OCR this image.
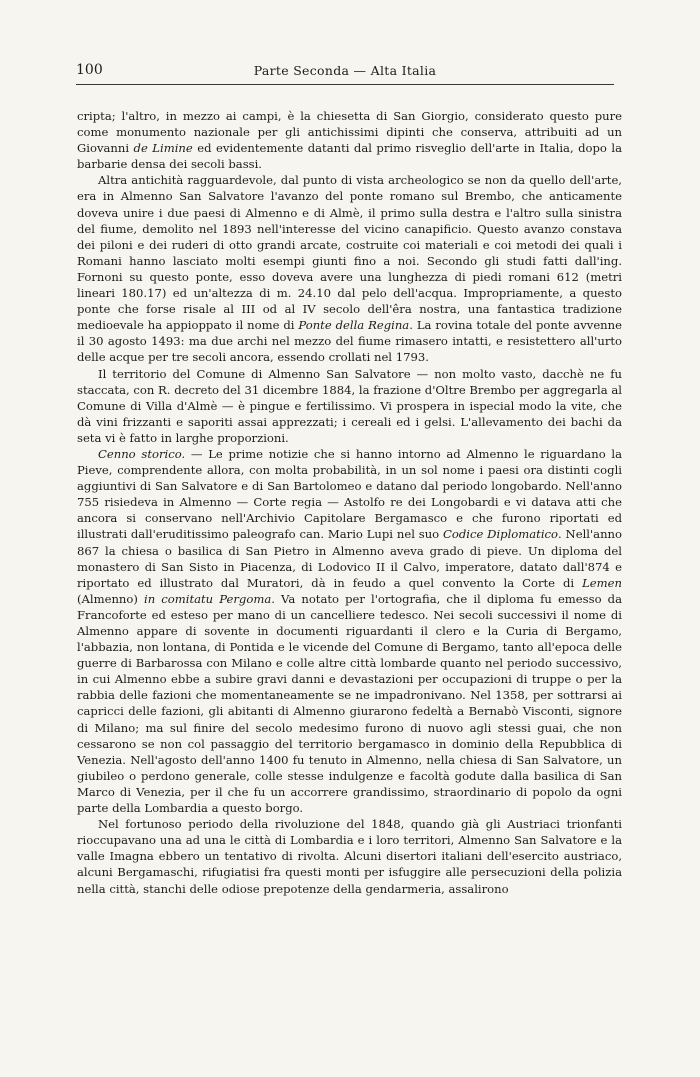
100	Parte Seconda — Alta Italia

cripta; l'altro, in mezzo ai campi, è la chiesetta di San Giorgio, considerato questo pure come monumento nazionale per gli antichissimi dipinti che conserva, attribuiti ad un Giovanni de Limine ed evidentemente datanti dal primo risveglio dell'arte in Italia, dopo la barbarie densa dei secoli bassi.

Altra antichità ragguardevole, dal punto di vista archeologico se non da quello dell'arte, era in Almenno San Salvatore l'avanzo del ponte romano sul Brembo, che anticamente doveva unire i due paesi di Almenno e di Almè, il primo sulla destra e l'altro sulla sinistra del fiume, demolito nel 1893 nell'interesse del vicino canapificio. Questo avanzo constava dei piloni e dei ruderi di otto grandi arcate, costruite coi materiali e coi metodi dei quali i Romani hanno lasciato molti esempi giunti fino a noi. Secondo gli studi fatti dall'ing. Fornoni su questo ponte, esso doveva avere una lunghezza di piedi romani 612 (metri lineari 180.17) ed un'altezza di m. 24.10 dal pelo dell'acqua. Impropriamente, a questo ponte che forse risale al III od al IV secolo dell'êra nostra, una fantastica tradizione medioevale ha appioppato il nome di Ponte della Regina. La rovina totale del ponte avvenne il 30 agosto 1493: ma due archi nel mezzo del fiume rimasero intatti, e resistettero all'urto delle acque per tre secoli ancora, essendo crollati nel 1793.

Il territorio del Comune di Almenno San Salvatore — non molto vasto, dacchè ne fu staccata, con R. decreto del 31 dicembre 1884, la frazione d'Oltre Brembo per aggregarla al Comune di Villa d'Almè — è pingue e fertilissimo. Vi prospera in ispecial modo la vite, che dà vini frizzanti e saporiti assai apprezzati; i cereali ed i gelsi. L'allevamento dei bachi da seta vi è fatto in larghe proporzioni.

Cenno storico. — Le prime notizie che si hanno intorno ad Almenno le riguardano la Pieve, comprendente allora, con molta probabilità, in un sol nome i paesi ora distinti cogli aggiuntivi di San Salvatore e di San Bartolomeo e datano dal periodo longobardo. Nell'anno 755 risiedeva in Almenno — Corte regia — Astolfo re dei Longobardi e vi datava atti che ancora si conservano nell'Archivio Capitolare Bergamasco e che furono riportati ed illustrati dall'eruditissimo paleografo can. Mario Lupi nel suo Codice Diplomatico. Nell'anno 867 la chiesa o basilica di San Pietro in Almenno aveva grado di pieve. Un diploma del monastero di San Sisto in Piacenza, di Lodovico II il Calvo, imperatore, datato dall'874 e riportato ed illustrato dal Muratori, dà in feudo a quel convento la Corte di Lemen (Almenno) in comitatu Pergoma. Va notato per l'ortografia, che il diploma fu emesso da Francoforte ed esteso per mano di un cancelliere tedesco. Nei secoli successivi il nome di Almenno appare di sovente in documenti riguardanti il clero e la Curia di Bergamo, l'abbazia, non lontana, di Pontida e le vicende del Comune di Bergamo, tanto all'epoca delle guerre di Barbarossa con Milano e colle altre città lombarde quanto nel periodo successivo, in cui Almenno ebbe a subire gravi danni e devastazioni per occupazioni di truppe o per la rabbia delle fazioni che momentaneamente se ne impadronivano. Nel 1358, per sottrarsi ai capricci delle fazioni, gli abitanti di Almenno giurarono fedeltà a Bernabò Visconti, signore di Milano; ma sul finire del secolo medesimo furono di nuovo agli stessi guai, che non cessarono se non col passaggio del territorio bergamasco in dominio della Repubblica di Venezia. Nell'agosto dell'anno 1400 fu tenuto in Almenno, nella chiesa di San Salvatore, un giubileo o perdono generale, colle stesse indulgenze e facoltà godute dalla basilica di San Marco di Venezia, per il che fu un accorrere grandissimo, straordinario di popolo da ogni parte della Lombardia a questo borgo.

Nel fortunoso periodo della rivoluzione del 1848, quando già gli Austriaci trionfanti rioccupavano una ad una le città di Lombardia e i loro territori, Almenno San Salvatore e la valle Imagna ebbero un tentativo di rivolta. Alcuni disertori italiani dell'esercito austriaco, alcuni Bergamaschi, rifugiatisi fra questi monti per isfuggire alle persecuzioni della polizia nella città, stanchi delle odiose prepotenze della gendarmeria, assalirono
